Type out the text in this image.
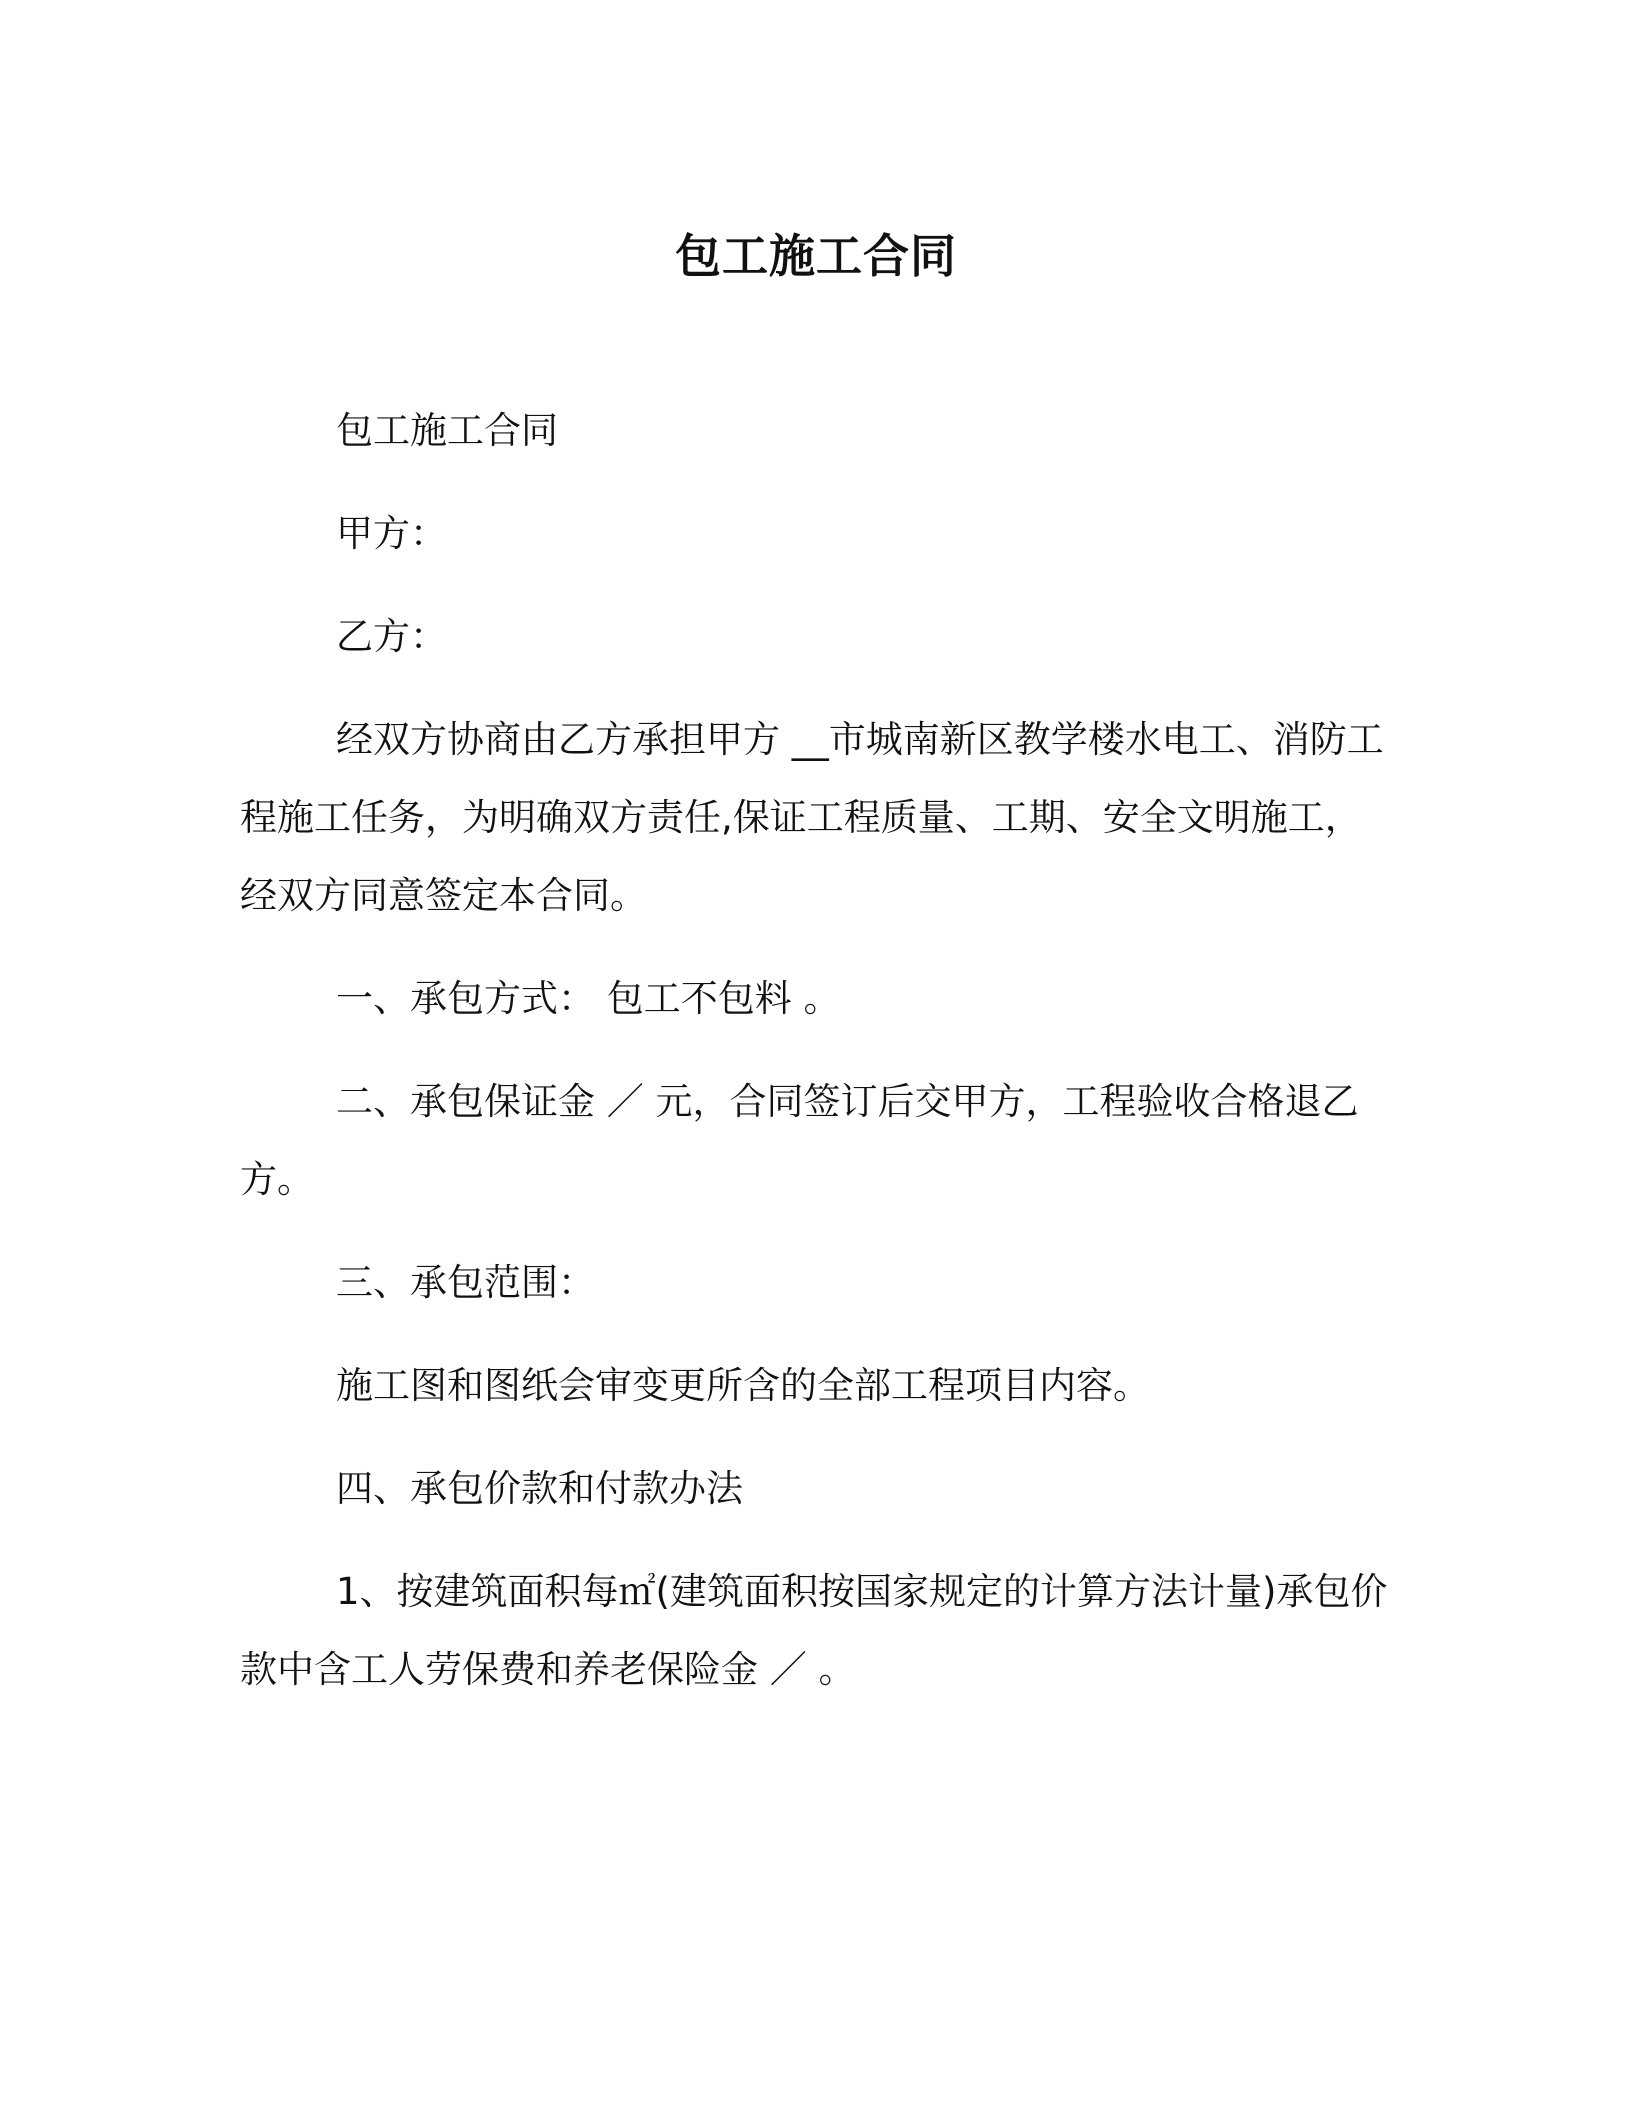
包工施工合同

包工施工合同

甲方：

乙方：

经双方协商由乙方承担甲方 __市城南新区教学楼水电工、消防工程施工任务，为明确双方责任,保证工程质量、工期、安全文明施工，经双方同意签定本合同。

一、承包方式： 包工不包料 。

二、承包保证金 ／ 元，合同签订后交甲方，工程验收合格退乙方。

三、承包范围：

施工图和图纸会审变更所含的全部工程项目内容。

四、承包价款和付款办法

1、按建筑面积每㎡(建筑面积按国家规定的计算方法计量)承包价款中含工人劳保费和养老保险金 ／ 。
